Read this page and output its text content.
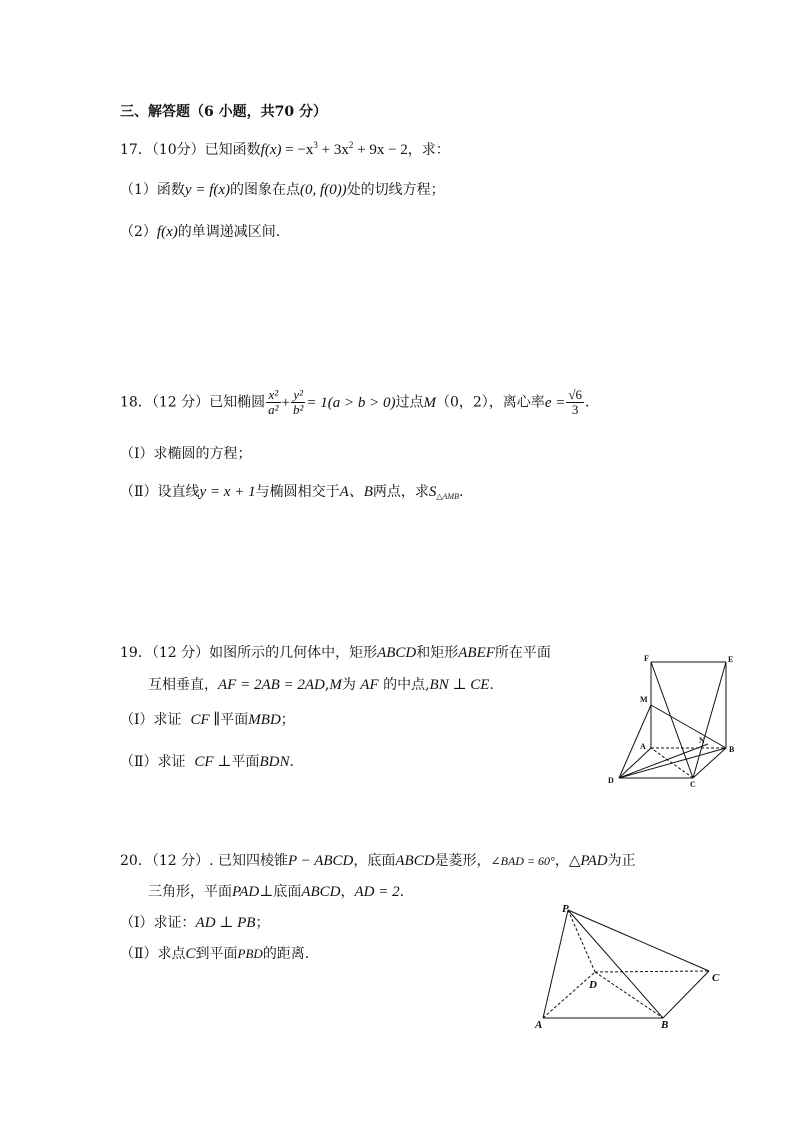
三、解答题（6 小题，共70 分）
17．（10分）已知函数$f(x) = -x^3 + 3x^2 + 9x - 2$，求：
（1）函数y = f(x)的图象在点(0, f(0))处的切线方程；
（2）f(x)的单调递减区间.
18．（12 分）已知椭圆 $\frac{\text{x²}}{\text{a²}} + \frac{\text{y²}}{\text{b²}} = 1(a > b > 0)$过点M（0，2），离心率$e = \frac{√6}{3}$ .
（Ⅰ）求椭圆的方程；
（Ⅱ）设直线y = x + 1与椭圆相交于A、B两点，求$S_{\triangle AMB}$.
19．（12 分）如图所示的几何体中，矩形ABCD和矩形ABEF所在平面
互相垂直，AF = 2AB = 2AD,M为 AF 的中点,BN ⊥ CE.
（Ⅰ）求证 CF ∥平面MBD；
（Ⅱ）求证 CF ⊥平面BDN.
F	E
M
A
N
B
D	C
20．（12 分）. 已知四棱锥P − ABCD，底面ABCD是菱形，∠BAD = 60°，△PAD为正
三角形，平面PAD⊥底面ABCD，AD = 2.
（Ⅰ）求证：AD ⊥ PB；
（Ⅱ）求点C到平面PBD的距离.
P
D
C
A	B
